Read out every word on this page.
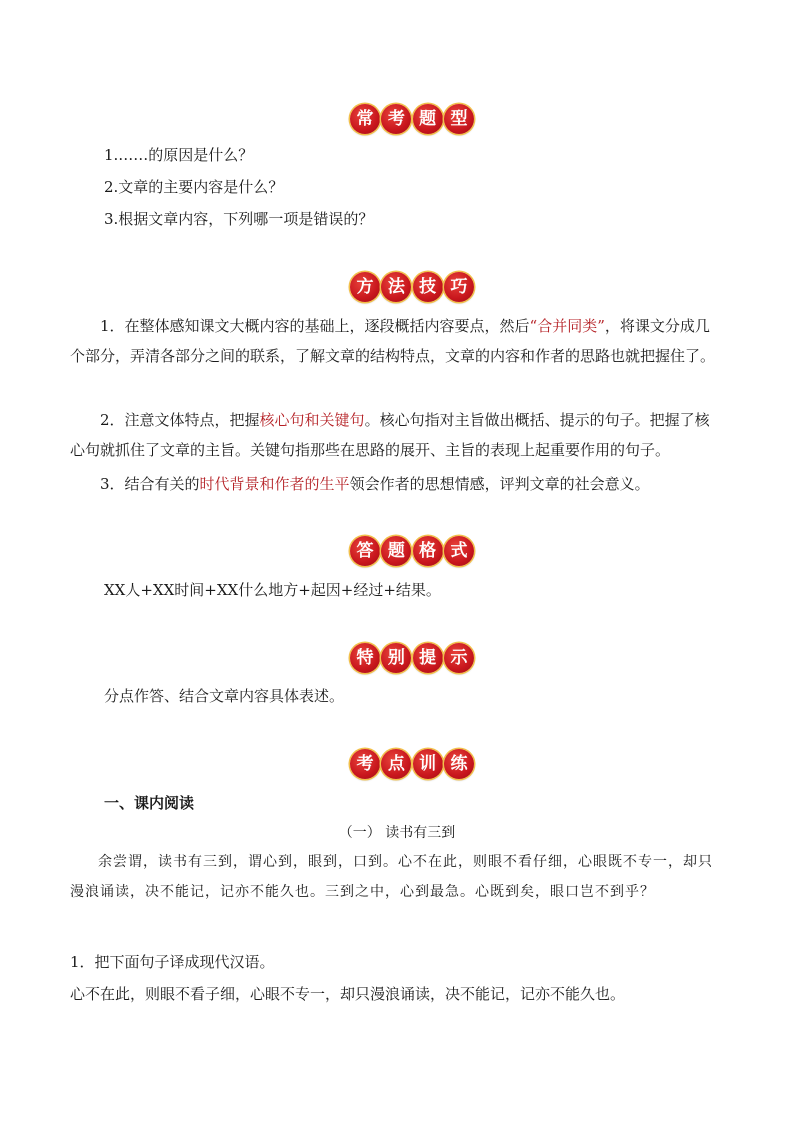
常 考 题 型
1.……的原因是什么？
2.文章的主要内容是什么？
3.根据文章内容，下列哪一项是错误的？
方 法 技 巧
1．在整体感知课文大概内容的基础上，逐段概括内容要点，然后“合并同类”，将课文分成几个部分，弄清各部分之间的联系，了解文章的结构特点，文章的内容和作者的思路也就把握住了。
2．注意文体特点，把握核心句和关键句。核心句指对主旨做出概括、提示的句子。把握了核心句就抓住了文章的主旨。关键句指那些在思路的展开、主旨的表现上起重要作用的句子。
3．结合有关的时代背景和作者的生平领会作者的思想情感，评判文章的社会意义。
答 题 格 式
XX人+XX时间+XX什么地方+起因+经过+结果。
特 别 提 示
分点作答、结合文章内容具体表述。
考 点 训 练
一、课内阅读
（一） 读书有三到
余尝谓，读书有三到，谓心到，眼到，口到。心不在此，则眼不看仔细，心眼既不专一，却只漫浪诵读，决不能记，记亦不能久也。三到之中，心到最急。心既到矣，眼口岂不到乎？
1．把下面句子译成现代汉语。
心不在此，则眼不看子细，心眼不专一，却只漫浪诵读，决不能记，记亦不能久也。
